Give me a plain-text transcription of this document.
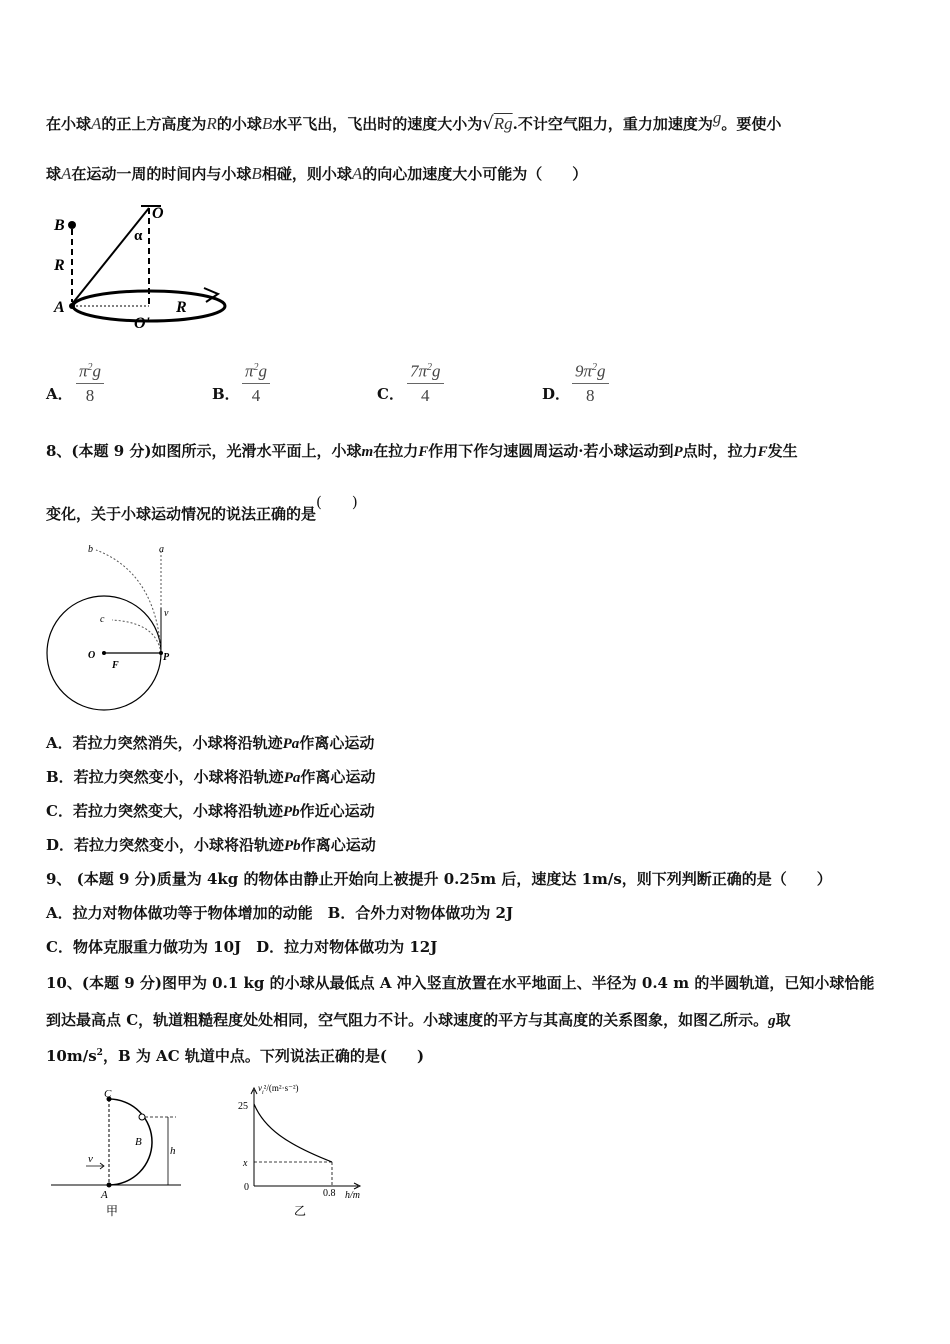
在小球A的正上方高度为R的小球B水平飞出，飞出时的速度大小为√Rg.不计空气阻力，重力加速度为g。要使小
球A在运动一周的时间内与小球B相碰，则小球A的向心加速度大小可能为（　　）
B
R
A
O
α
O'
R
A． $\frac{\pi^2g}{8}$	B． $\frac{\pi^2g}{4}$	C． $\frac{7\pi^2g}{4}$	D． $\frac{9\pi^2g}{8}$
8、(本题 9 分)如图所示，光滑水平面上，小球m在拉力F作用下作匀速圆周运动·若小球运动到P点时，拉力F发生
变化，关于小球运动情况的说法正确的是(　　)
b	a
c
v
O
F
P
A．若拉力突然消失，小球将沿轨迹Pa作离心运动
B．若拉力突然变小，小球将沿轨迹Pa作离心运动
C．若拉力突然变大，小球将沿轨迹Pb作近心运动
D．若拉力突然变小，小球将沿轨迹Pb作离心运动
9、 (本题 9 分)质量为 4kg 的物体由静止开始向上被提升 0.25m 后，速度达 1m/s，则下列判断正确的是（　　）
A．拉力对物体做功等于物体增加的动能　B．合外力对物体做功为 2J
C．物体克服重力做功为 10J　D．拉力对物体做功为 12J
10、(本题 9 分)图甲为 0.1 kg 的小球从最低点 A 冲入竖直放置在水平地面上、半径为 0.4 m 的半圆轨道，已知小球恰能
到达最高点 C，轨道粗糙程度处处相同，空气阻力不计。小球速度的平方与其高度的关系图象，如图乙所示。g取
$10m/s^2$，B 为 AC 轨道中点。下列说法正确的是(　　)
C
B
A
v
h
甲
$v_i^2/(m^2\cdot s^{-2})$
25
x
0
0.8 h/m
乙
